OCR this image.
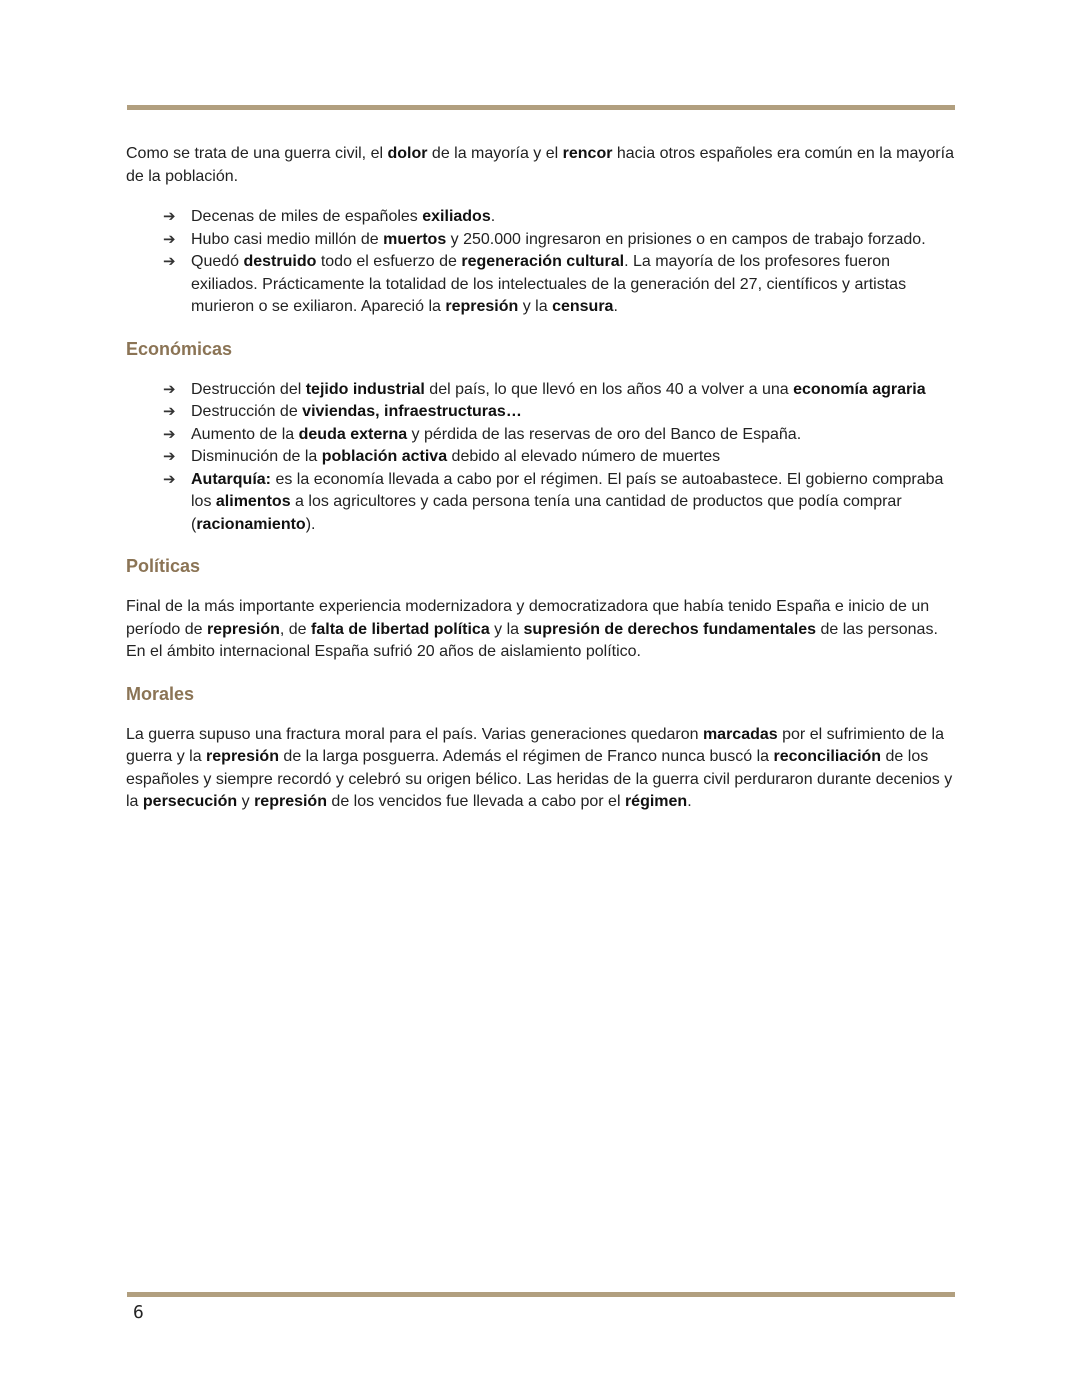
Como se trata de una guerra civil, el dolor de la mayoría y el rencor hacia otros españoles era común en la mayoría de la población.

➔ Decenas de miles de españoles exiliados.
➔ Hubo casi medio millón de muertos y 250.000 ingresaron en prisiones o en campos de trabajo forzado.
➔ Quedó destruido todo el esfuerzo de regeneración cultural. La mayoría de los profesores fueron exiliados. Prácticamente la totalidad de los intelectuales de la generación del 27, científicos y artistas murieron o se exiliaron. Apareció la represión y la censura.
Económicas
➔ Destrucción del tejido industrial del país, lo que llevó en los años 40 a volver a una economía agraria
➔ Destrucción de viviendas, infraestructuras…
➔ Aumento de la deuda externa y pérdida de las reservas de oro del Banco de España.
➔ Disminución de la población activa debido al elevado número de muertes
➔ Autarquía: es la economía llevada a cabo por el régimen. El país se autoabastece. El gobierno compraba los alimentos a los agricultores y cada persona tenía una cantidad de productos que podía comprar (racionamiento).
Políticas

Final de la más importante experiencia modernizadora y democratizadora que había tenido España e inicio de un período de represión, de falta de libertad política y la supresión de derechos fundamentales de las personas. En el ámbito internacional España sufrió 20 años de aislamiento político.

Morales

La guerra supuso una fractura moral para el país. Varias generaciones quedaron marcadas por el sufrimiento de la guerra y la represión de la larga posguerra. Además el régimen de Franco nunca buscó la reconciliación de los españoles y siempre recordó y celebró su origen bélico. Las heridas de la guerra civil perduraron durante decenios y la persecución y represión de los vencidos fue llevada a cabo por el régimen.

6
